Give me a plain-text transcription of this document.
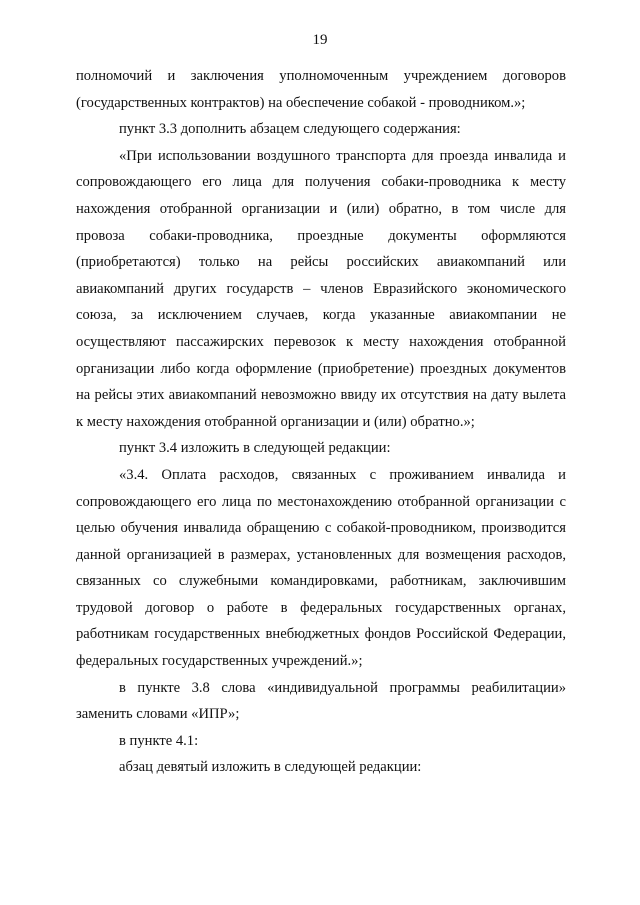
19

полномочий и заключения уполномоченным учреждением договоров (государственных контрактов) на обеспечение собакой - проводником.»;

пункт 3.3 дополнить абзацем следующего содержания:

«При использовании воздушного транспорта для проезда инвалида и сопровождающего его лица для получения собаки-проводника к месту нахождения отобранной организации и (или) обратно, в том числе для провоза собаки-проводника, проездные документы оформляются (приобретаются) только на рейсы российских авиакомпаний или авиакомпаний других государств – членов Евразийского экономического союза, за исключением случаев, когда указанные авиакомпании не осуществляют пассажирских перевозок к месту нахождения отобранной организации либо когда оформление (приобретение) проездных документов на рейсы этих авиакомпаний невозможно ввиду их отсутствия на дату вылета к месту нахождения отобранной организации и (или) обратно.»;

пункт 3.4 изложить в следующей редакции:

«3.4. Оплата расходов, связанных с проживанием инвалида и сопровождающего его лица по местонахождению отобранной организации с целью обучения инвалида обращению с собакой-проводником, производится данной организацией в размерах, установленных для возмещения расходов, связанных со служебными командировками, работникам, заключившим трудовой договор о работе в федеральных государственных органах, работникам государственных внебюджетных фондов Российской Федерации, федеральных государственных учреждений.»;

в пункте 3.8 слова «индивидуальной программы реабилитации» заменить словами «ИПР»;

в пункте 4.1:

абзац девятый изложить в следующей редакции:
